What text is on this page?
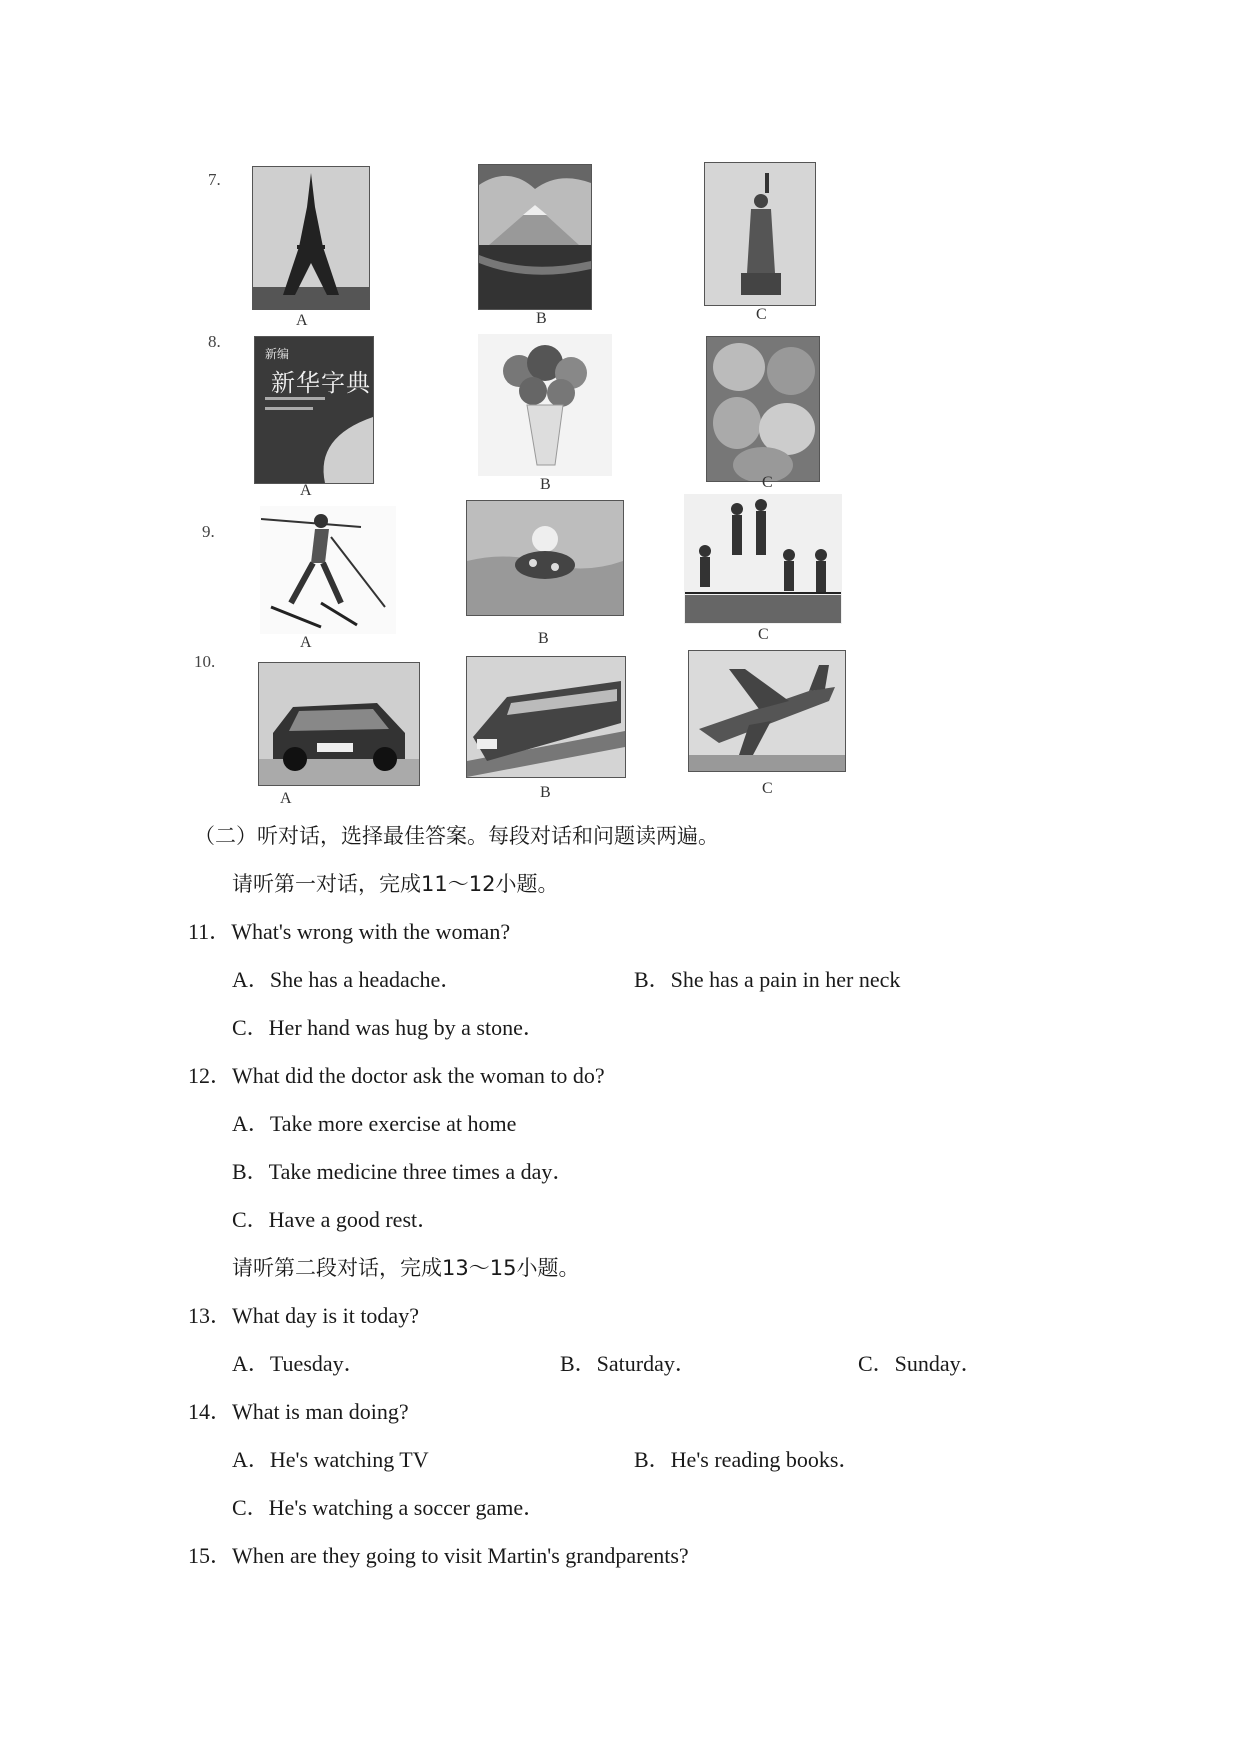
7.
A	B	C
8.
新编
新华字典
A	B	C
9.
A	B	C
10.
A	B	C
（二）听对话，选择最佳答案。每段对话和问题读两遍。
请听第一对话，完成11～12小题。
11．What's wrong with the woman?
A．She has a headache．	B．She has a pain in her neck
C．Her hand was hug by a stone．
12．What did the doctor ask the woman to do?
A．Take more exercise at home
B．Take medicine three times a day．
C．Have a good rest．
请听第二段对话，完成13～15小题。
13．What day is it today?
A．Tuesday．	B．Saturday．	C．Sunday．
14．What is man doing?
A．He's watching TV	B．He's reading books．
C．He's watching a soccer game．
15．When are they going to visit Martin's grandparents?
